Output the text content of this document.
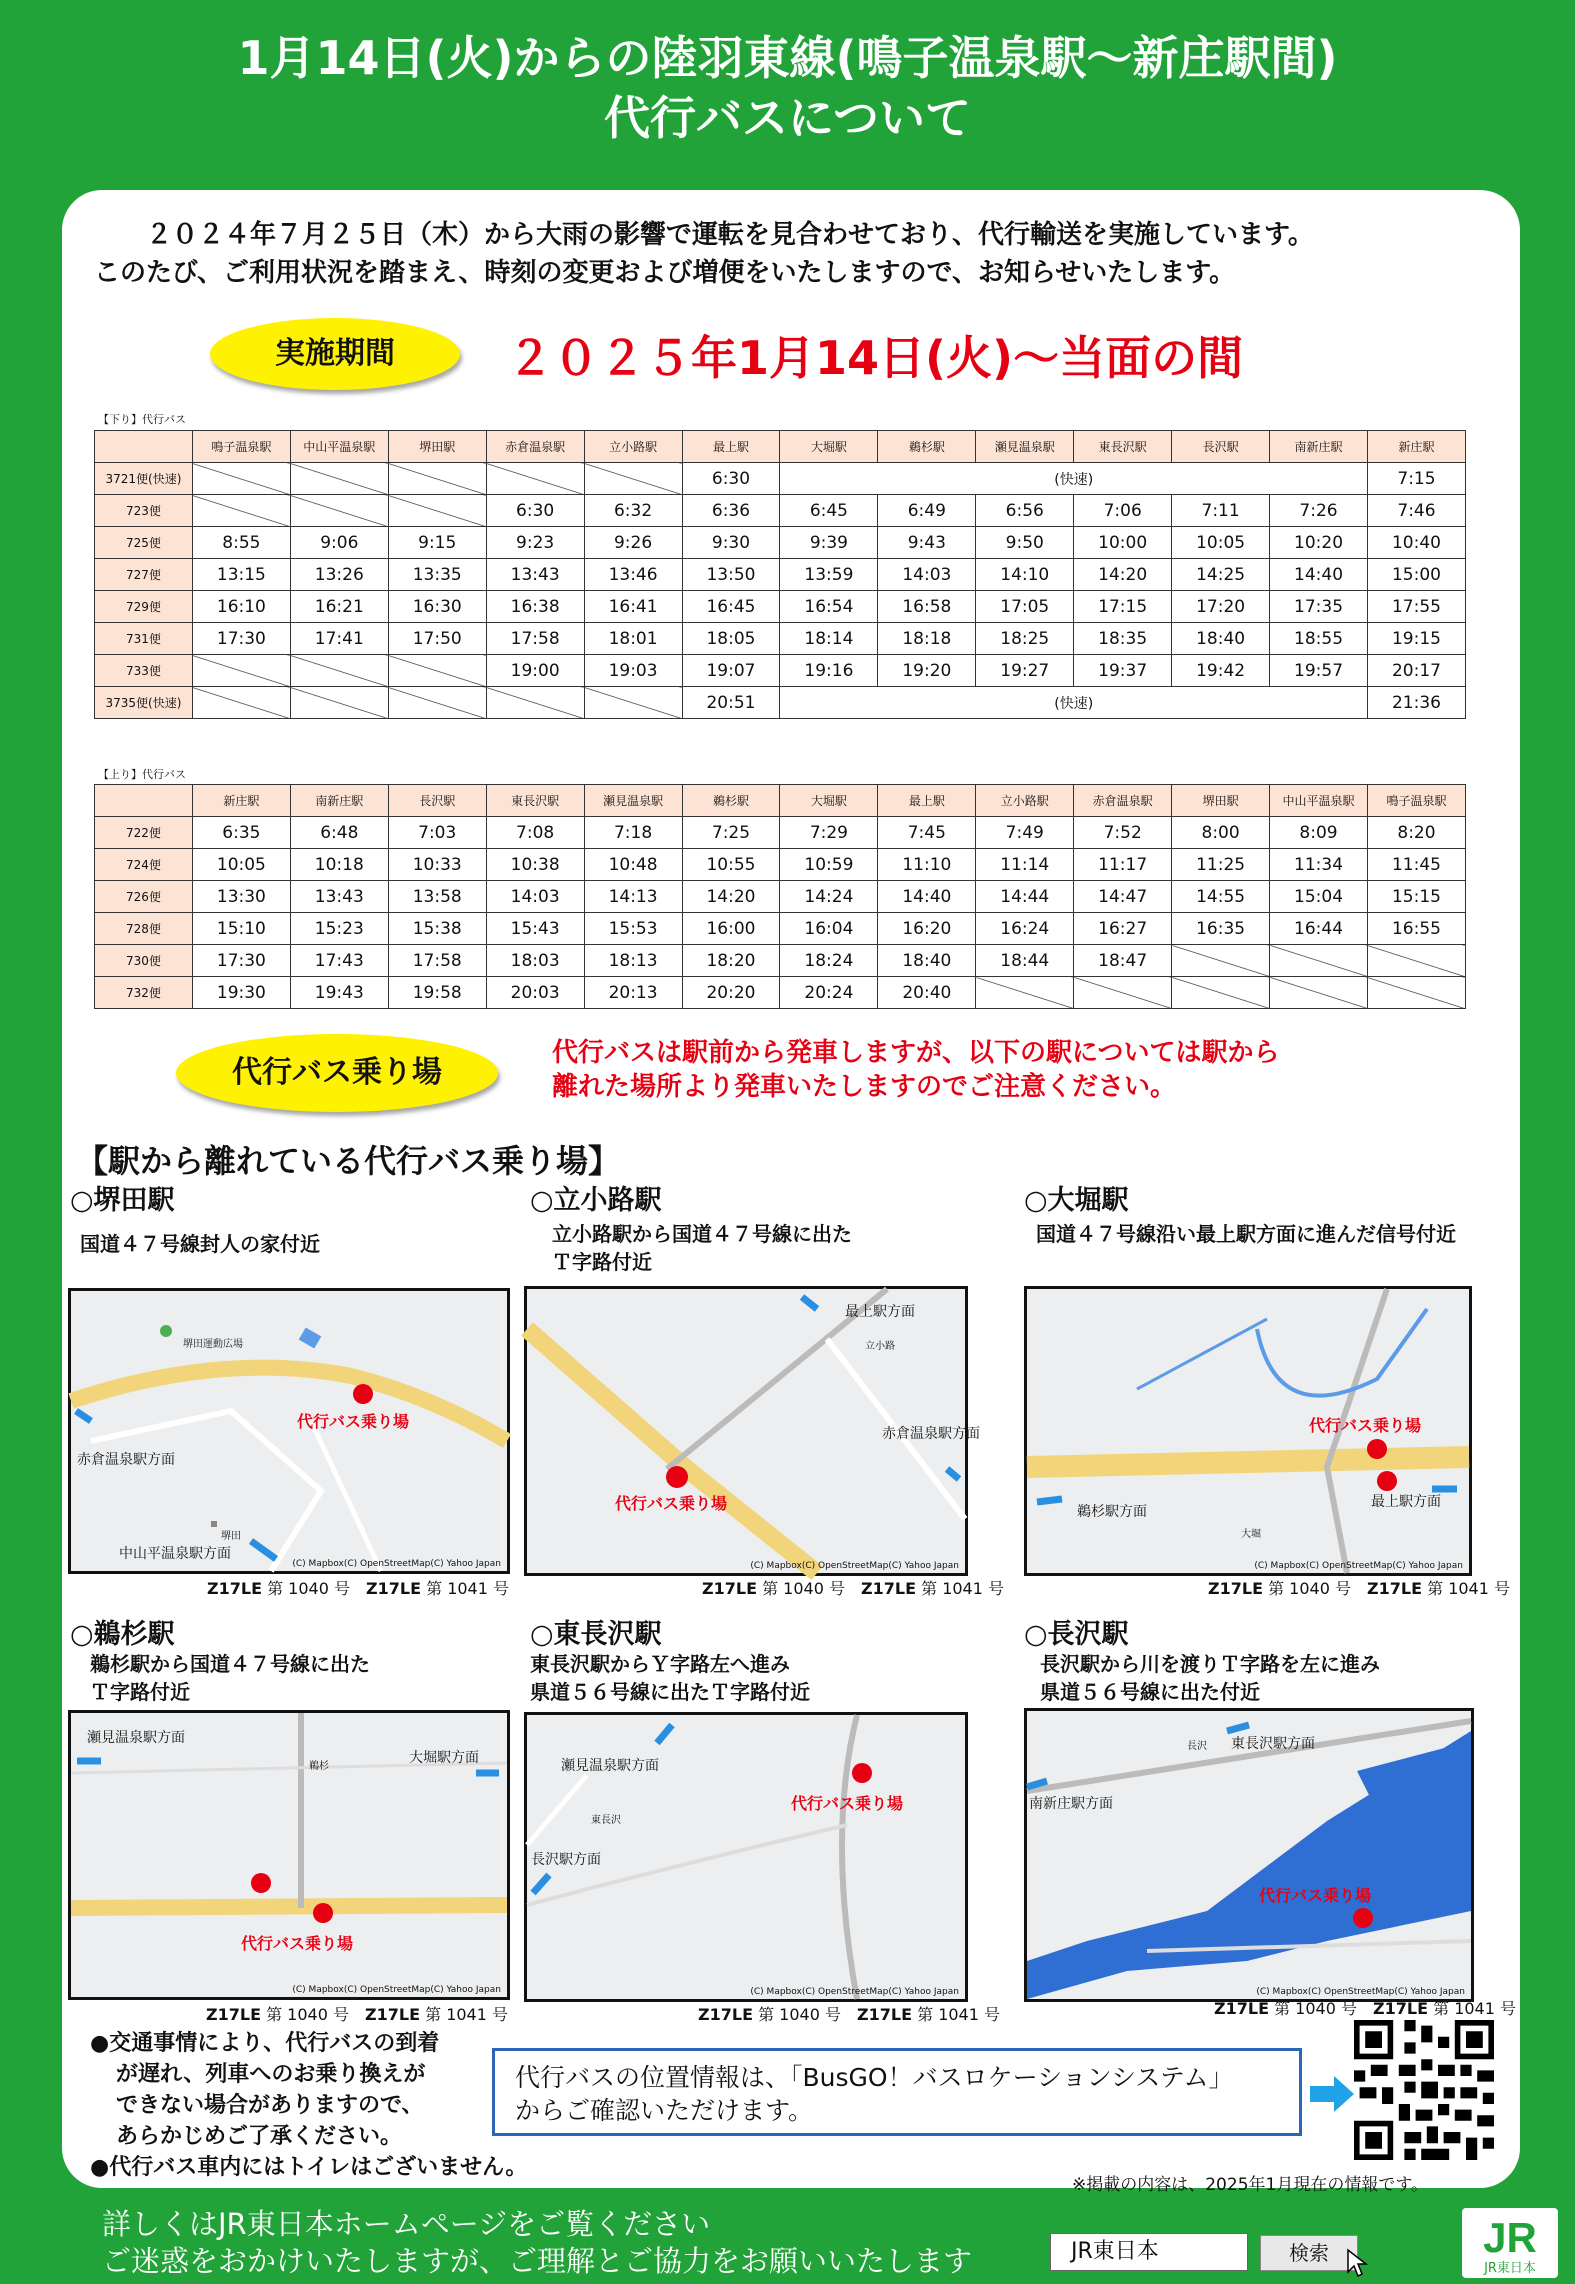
1月14日(火)からの陸羽東線(鳴子温泉駅～新庄駅間)
代行バスについて

２０２４年７月２５日（木）から大雨の影響で運転を見合わせており、代行輸送を実施しています。

このたび、ご利用状況を踏まえ、時刻の変更および増便をいたしますので、お知らせいたします。

実施期間	２０２５年1月14日(火)～当面の間
【下り】代行バス
	鳴子温泉駅	中山平温泉駅	堺田駅	赤倉温泉駅	立小路駅	最上駅	大堀駅	鵜杉駅	瀬見温泉駅	東長沢駅	長沢駅	南新庄駅	新庄駅
3721便(快速)						6:30	(快速)						7:15
723便				6:30	6:32	6:36	6:45	6:49	6:56	7:06	7:11	7:26	7:46
725便	8:55	9:06	9:15	9:23	9:26	9:30	9:39	9:43	9:50	10:00	10:05	10:20	10:40
727便	13:15	13:26	13:35	13:43	13:46	13:50	13:59	14:03	14:10	14:20	14:25	14:40	15:00
729便	16:10	16:21	16:30	16:38	16:41	16:45	16:54	16:58	17:05	17:15	17:20	17:35	17:55
731便	17:30	17:41	17:50	17:58	18:01	18:05	18:14	18:18	18:25	18:35	18:40	18:55	19:15
733便				19:00	19:03	19:07	19:16	19:20	19:27	19:37	19:42	19:57	20:17
3735便(快速)						20:51	(快速)						21:36
【上り】代行バス
	新庄駅	南新庄駅	長沢駅	東長沢駅	瀬見温泉駅	鵜杉駅	大堀駅	最上駅	立小路駅	赤倉温泉駅	堺田駅	中山平温泉駅	鳴子温泉駅
722便	6:35	6:48	7:03	7:08	7:18	7:25	7:29	7:45	7:49	7:52	8:00	8:09	8:20
724便	10:05	10:18	10:33	10:38	10:48	10:55	10:59	11:10	11:14	11:17	11:25	11:34	11:45
726便	13:30	13:43	13:58	14:03	14:13	14:20	14:24	14:40	14:44	14:47	14:55	15:04	15:15
728便	15:10	15:23	15:38	15:43	15:53	16:00	16:04	16:20	16:24	16:27	16:35	16:44	16:55
730便	17:30	17:43	17:58	18:03	18:13	18:20	18:24	18:40	18:44	18:47			
732便	19:30	19:43	19:58	20:03	20:13	20:20	20:24	20:40					
代行バス乗り場
代行バスは駅前から発車しますが、以下の駅については駅から
離れた場所より発車いたしますのでご注意ください。
【駅から離れている代行バス乗り場】
○堺田駅
国道４７号線封人の家付近
堺田運動広場
堺田
代行バス乗り場
赤倉温泉駅方面
中山平温泉駅方面
(C) Mapbox(C) OpenStreetMap(C) Yahoo Japan
Z17LE 第 1040 号　 Z17LE 第 1041 号
○立小路駅
立小路駅から国道４７号線に出た
Ｔ字路付近
最上駅方面
赤倉温泉駅方面
立小路
代行バス乗り場
(C) Mapbox(C) OpenStreetMap(C) Yahoo Japan
Z17LE 第 1040 号　 Z17LE 第 1041 号
○大堀駅
国道４７号線沿い最上駅方面に進んだ信号付近
代行バス乗り場
鵜杉駅方面
最上駅方面
大堀
(C) Mapbox(C) OpenStreetMap(C) Yahoo Japan
Z17LE 第 1040 号　 Z17LE 第 1041 号
○鵜杉駅
鵜杉駅から国道４７号線に出た
Ｔ字路付近
瀬見温泉駅方面
大堀駅方面
鵜杉
代行バス乗り場
(C) Mapbox(C) OpenStreetMap(C) Yahoo Japan
Z17LE 第 1040 号　 Z17LE 第 1041 号
○東長沢駅
東長沢駅からＹ字路左へ進み
県道５６号線に出たＴ字路付近
瀬見温泉駅方面
長沢駅方面
東長沢
代行バス乗り場
(C) Mapbox(C) OpenStreetMap(C) Yahoo Japan
Z17LE 第 1040 号　 Z17LE 第 1041 号
○長沢駅
長沢駅から川を渡りＴ字路を左に進み
県道５６号線に出た付近
東長沢駅方面
南新庄駅方面
長沢
代行バス乗り場
(C) Mapbox(C) OpenStreetMap(C) Yahoo Japan
Z17LE 第 1040 号　 Z17LE 第 1041 号
●交通事情により、代行バスの到着
が遅れ、列車へのお乗り換えが
できない場合がありますので、
あらかじめご了承ください。
●代行バス車内にはトイレはございません。
代行バスの位置情報は、「BusGO！バスロケーションシステム」
からご確認いただけます。
※掲載の内容は、2025年1月現在の情報です。
詳しくはJR東日本ホームページをご覧ください
ご迷惑をおかけいたしますが、ご理解とご協力をお願いいたします	JR東日本	検索	JR
JR東日本
